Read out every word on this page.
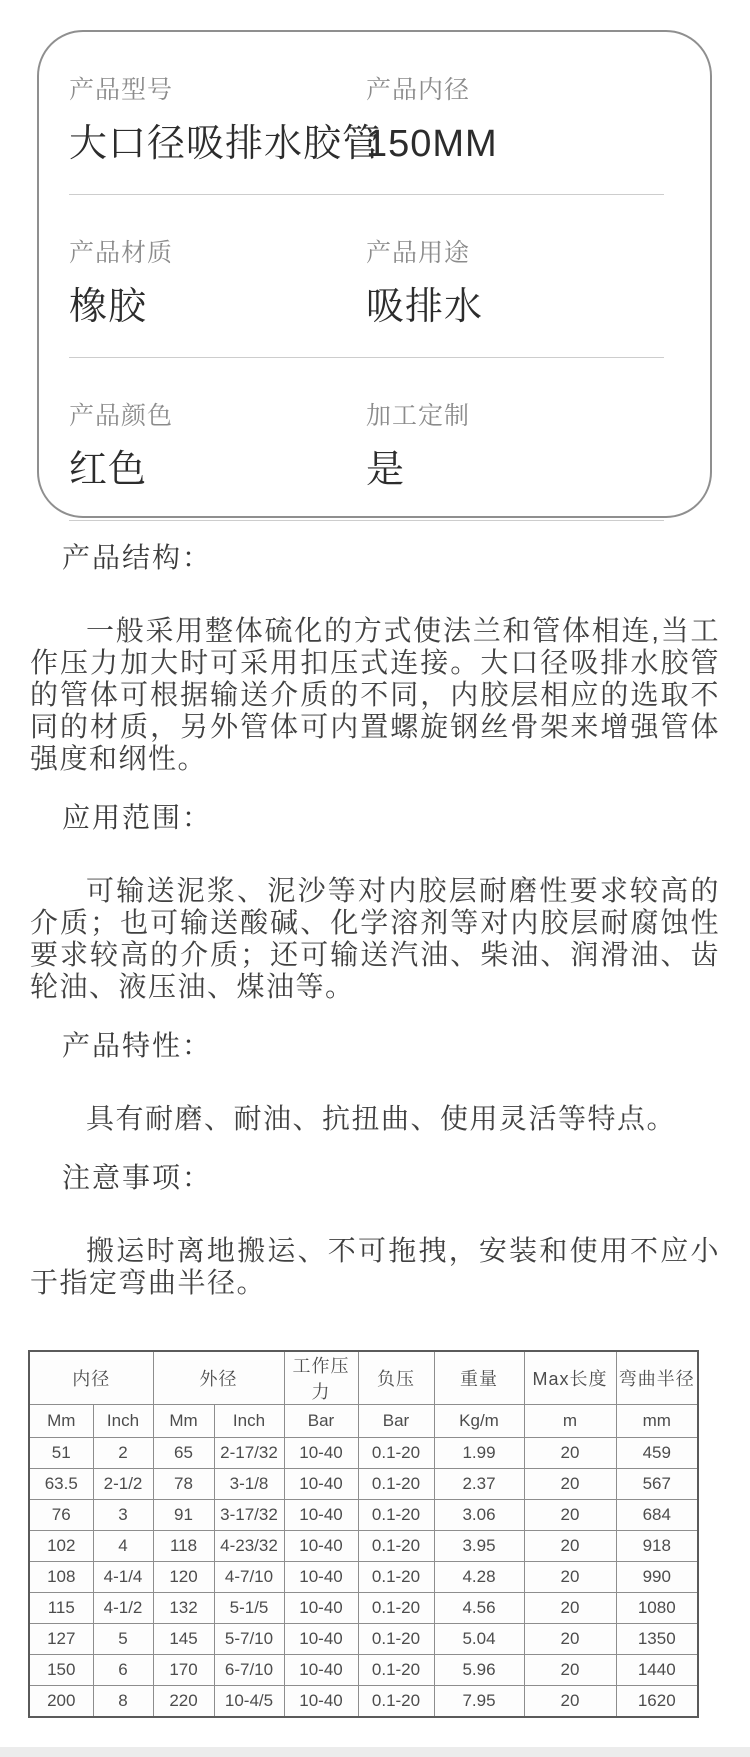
产品型号
大口径吸排水胶管
产品内径
150MM
产品材质
橡胶
产品用途
吸排水
产品颜色
红色
加工定制
是
产品结构：

一般采用整体硫化的方式使法兰和管体相连,当工作压力加大时可采用扣压式连接。大口径吸排水胶管的管体可根据输送介质的不同，内胶层相应的选取不同的材质，另外管体可内置螺旋钢丝骨架来增强管体强度和纲性。

应用范围：

可输送泥浆、泥沙等对内胶层耐磨性要求较高的介质；也可输送酸碱、化学溶剂等对内胶层耐腐蚀性要求较高的介质；还可输送汽油、柴油、润滑油、齿轮油、液压油、煤油等。

产品特性：

具有耐磨、耐油、抗扭曲、使用灵活等特点。

注意事项：

搬运时离地搬运、不可拖拽，安装和使用不应小于指定弯曲半径。

内径		外径		工作压力	负压	重量	Max长度	弯曲半径
Mm	Inch	Mm	Inch	Bar	Bar	Kg/m	m	mm
51	2	65	2-17/32	10-40	0.1-20	1.99	20	459
63.5	2-1/2	78	3-1/8	10-40	0.1-20	2.37	20	567
76	3	91	3-17/32	10-40	0.1-20	3.06	20	684
102	4	118	4-23/32	10-40	0.1-20	3.95	20	918
108	4-1/4	120	4-7/10	10-40	0.1-20	4.28	20	990
115	4-1/2	132	5-1/5	10-40	0.1-20	4.56	20	1080
127	5	145	5-7/10	10-40	0.1-20	5.04	20	1350
150	6	170	6-7/10	10-40	0.1-20	5.96	20	1440
200	8	220	10-4/5	10-40	0.1-20	7.95	20	1620
